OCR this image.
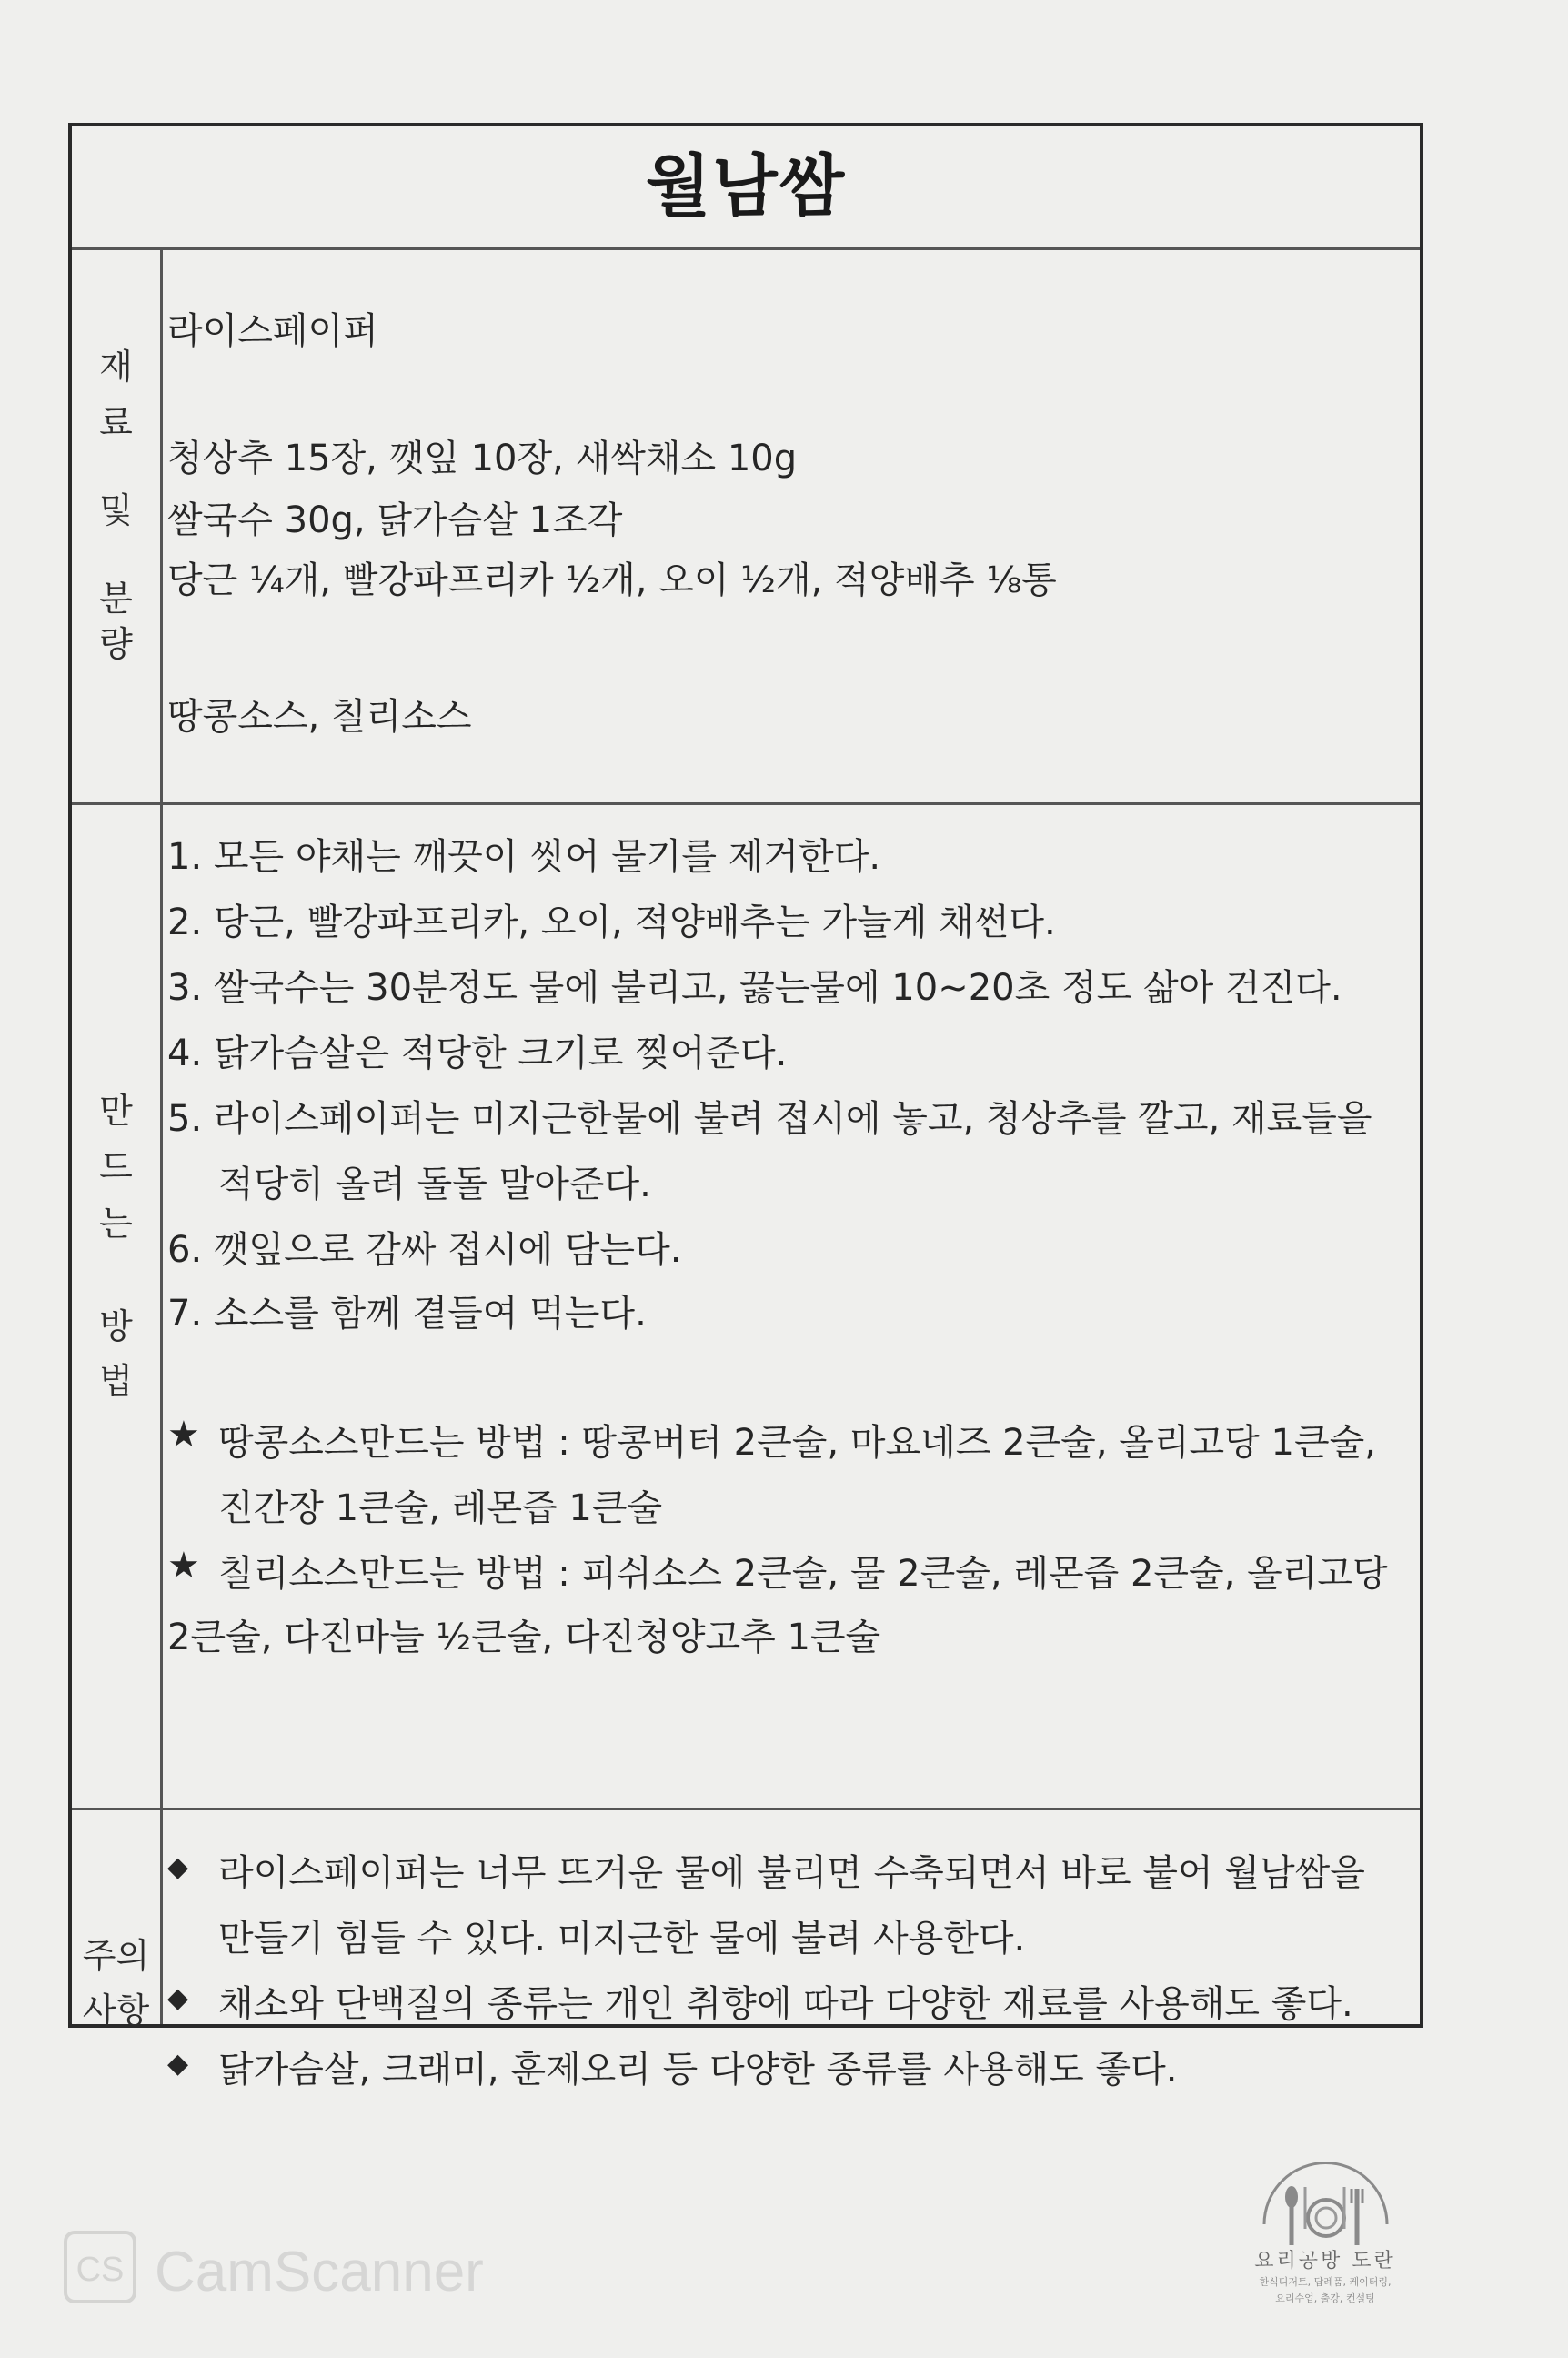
월남쌈
재
료
및
분
량
라이스페이퍼
청상추 15장, 깻잎 10장, 새싹채소 10g
쌀국수 30g, 닭가슴살 1조각
당근 ¼개, 빨강파프리카 ½개, 오이 ½개, 적양배추 ⅛통
땅콩소스, 칠리소스
만
드
는
방
법
1. 모든 야채는 깨끗이 씻어 물기를 제거한다.
2. 당근, 빨강파프리카, 오이, 적양배추는 가늘게 채썬다.
3. 쌀국수는 30분정도 물에 불리고, 끓는물에 10~20초 정도 삶아 건진다.
4. 닭가슴살은 적당한 크기로 찢어준다.
5. 라이스페이퍼는 미지근한물에 불려 접시에 놓고, 청상추를 깔고, 재료들을
적당히 올려 돌돌 말아준다.
6. 깻잎으로 감싸 접시에 담는다.
7. 소스를 함께 곁들여 먹는다.
★ 땅콩소스만드는 방법 : 땅콩버터 2큰술, 마요네즈 2큰술, 올리고당 1큰술,
진간장 1큰술, 레몬즙 1큰술
★ 칠리소스만드는 방법 : 피쉬소스 2큰술, 물 2큰술, 레몬즙 2큰술, 올리고당
2큰술, 다진마늘 ½큰술, 다진청양고추 1큰술
주의
사항
◆ 라이스페이퍼는 너무 뜨거운 물에 불리면 수축되면서 바로 붙어 월남쌈을
만들기 힘들 수 있다. 미지근한 물에 불려 사용한다.
◆ 채소와 단백질의 종류는 개인 취향에 따라 다양한 재료를 사용해도 좋다.
◆ 닭가슴살, 크래미, 훈제오리 등 다양한 종류를 사용해도 좋다.
요리공방 도란
한식디저트, 답례품, 케이터링,
요리수업, 출강, 컨설팅
CS CamScanner
